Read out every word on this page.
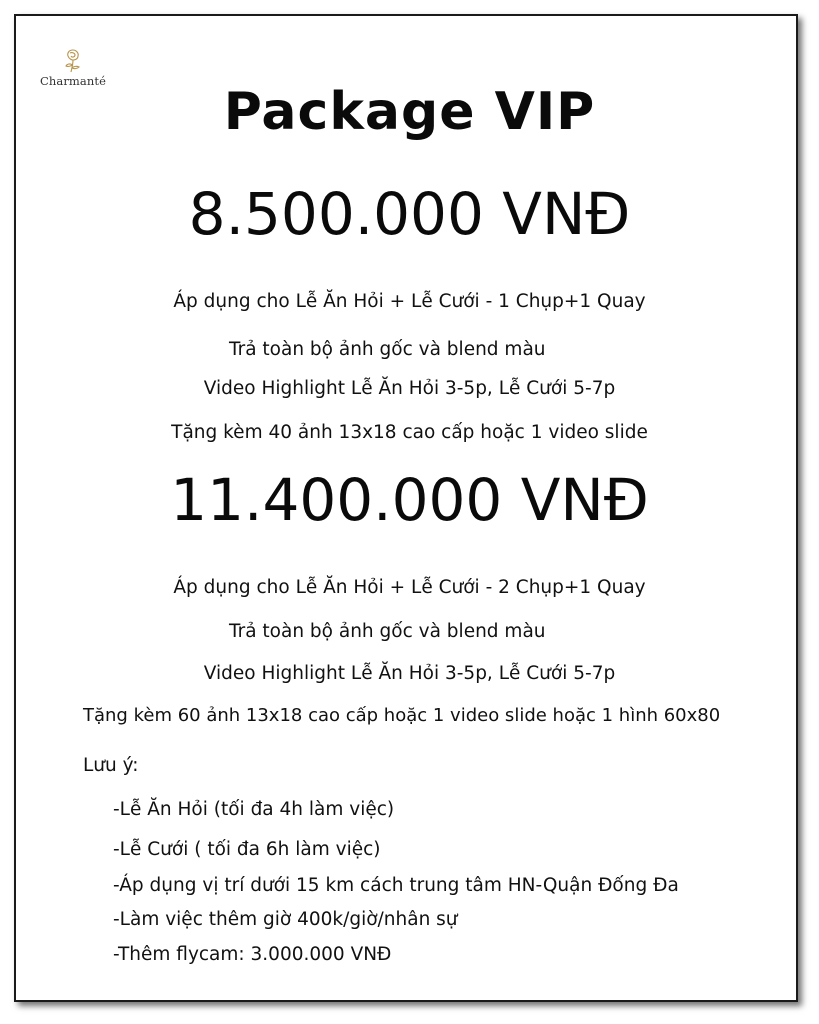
Charmanté
Package VIP
8.500.000 VNĐ
Áp dụng cho Lễ Ăn Hỏi + Lễ Cưới - 1 Chụp+1 Quay
Trả toàn bộ ảnh gốc và blend màu
Video Highlight Lễ Ăn Hỏi 3-5p, Lễ Cưới 5-7p
Tặng kèm 40 ảnh 13x18 cao cấp hoặc 1 video slide
11.400.000 VNĐ
Áp dụng cho Lễ Ăn Hỏi + Lễ Cưới - 2 Chụp+1 Quay
Trả toàn bộ ảnh gốc và blend màu
Video Highlight Lễ Ăn Hỏi 3-5p, Lễ Cưới 5-7p
Tặng kèm 60 ảnh 13x18 cao cấp hoặc 1 video slide hoặc 1 hình 60x80
Lưu ý:
-Lễ Ăn Hỏi (tối đa 4h làm việc)
-Lễ Cưới ( tối đa 6h làm việc)
-Áp dụng vị trí dưới 15 km cách trung tâm HN-Quận Đống Đa
-Làm việc thêm giờ 400k/giờ/nhân sự
-Thêm flycam: 3.000.000 VNĐ
